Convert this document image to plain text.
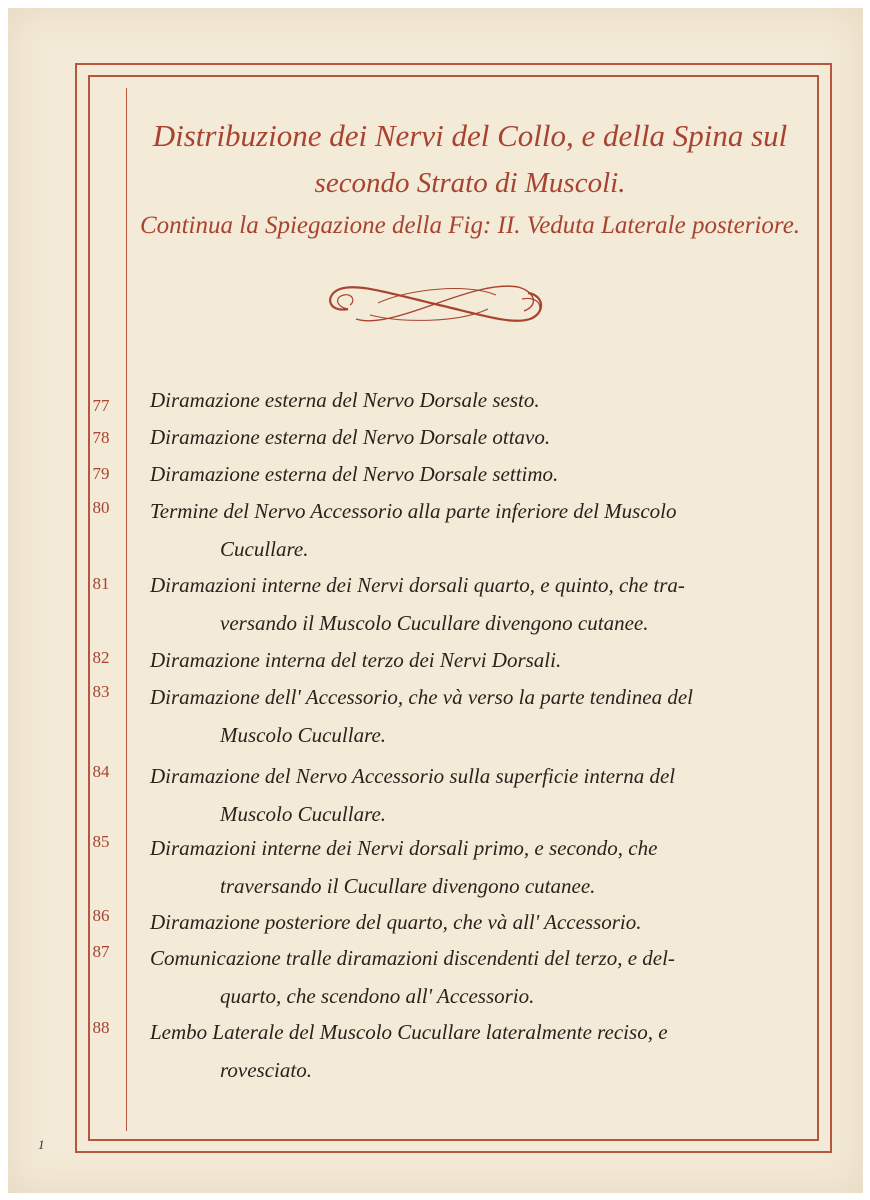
Distribuzione dei Nervi del Collo, e della Spina sul
secondo Strato di Muscoli.
Continua la Spiegazione della Fig: II. Veduta Laterale posteriore.
77	Diramazione esterna del Nervo Dorsale sesto.

78	Diramazione esterna del Nervo Dorsale ottavo.

79	Diramazione esterna del Nervo Dorsale settimo.

80	Termine del Nervo Accessorio alla parte inferiore del Muscolo
Cucullare.

81	Diramazioni interne dei Nervi dorsali quarto, e quinto, che tra-
versando il Muscolo Cucullare divengono cutanee.

82	Diramazione interna del terzo dei Nervi Dorsali.

83	Diramazione dell' Accessorio, che và verso la parte tendinea del
Muscolo Cucullare.

84	Diramazione del Nervo Accessorio sulla superficie interna del
Muscolo Cucullare.

85	Diramazioni interne dei Nervi dorsali primo, e secondo, che
traversando il Cucullare divengono cutanee.

86	Diramazione posteriore del quarto, che và all' Accessorio.

87	Comunicazione tralle diramazioni discendenti del terzo, e del-
quarto, che scendono all' Accessorio.

88	Lembo Laterale del Muscolo Cucullare lateralmente reciso, e
rovesciato.

1
